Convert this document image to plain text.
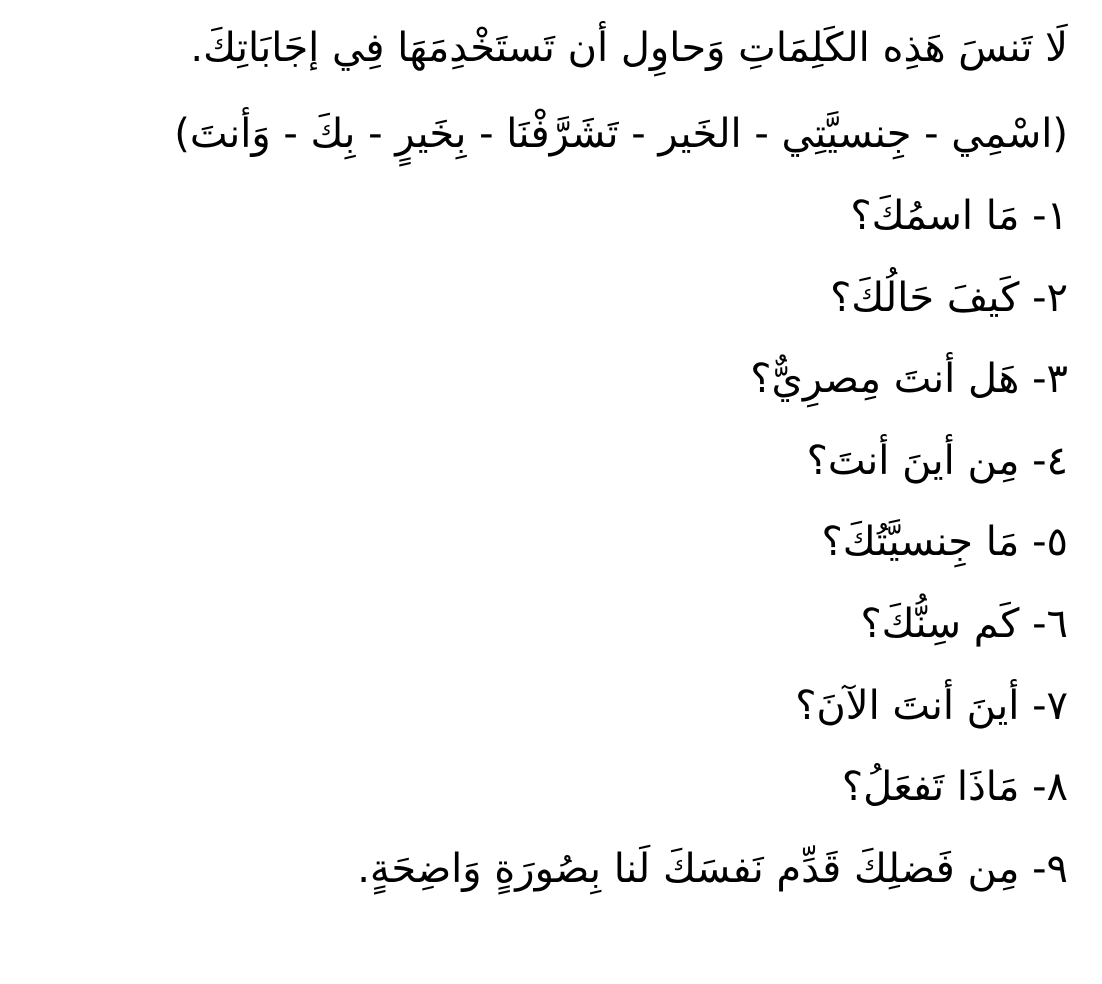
لَا تَنسَ هَذِه الكَلِمَاتِ وَحاوِل أن تَستَخْدِمَهَا فِي إجَابَاتِكَ.

(اسْمِي - جِنسيَّتِي - الخَير - تَشَرَّفْنَا - بِخَيرٍ - بِكَ - وَأنتَ)

١- مَا اسمُكَ؟
٢- كَيفَ حَالُكَ؟
٣- هَل أنتَ مِصرِيٌّ؟
٤- مِن أينَ أنتَ؟
٥- مَا جِنسيَّتُكَ؟
٦- كَم سِنُّكَ؟
٧- أينَ أنتَ الآنَ؟
٨- مَاذَا تَفعَلُ؟
٩- مِن فَضلِكَ قَدِّم نَفسَكَ لَنا بِصُورَةٍ وَاضِحَةٍ.
